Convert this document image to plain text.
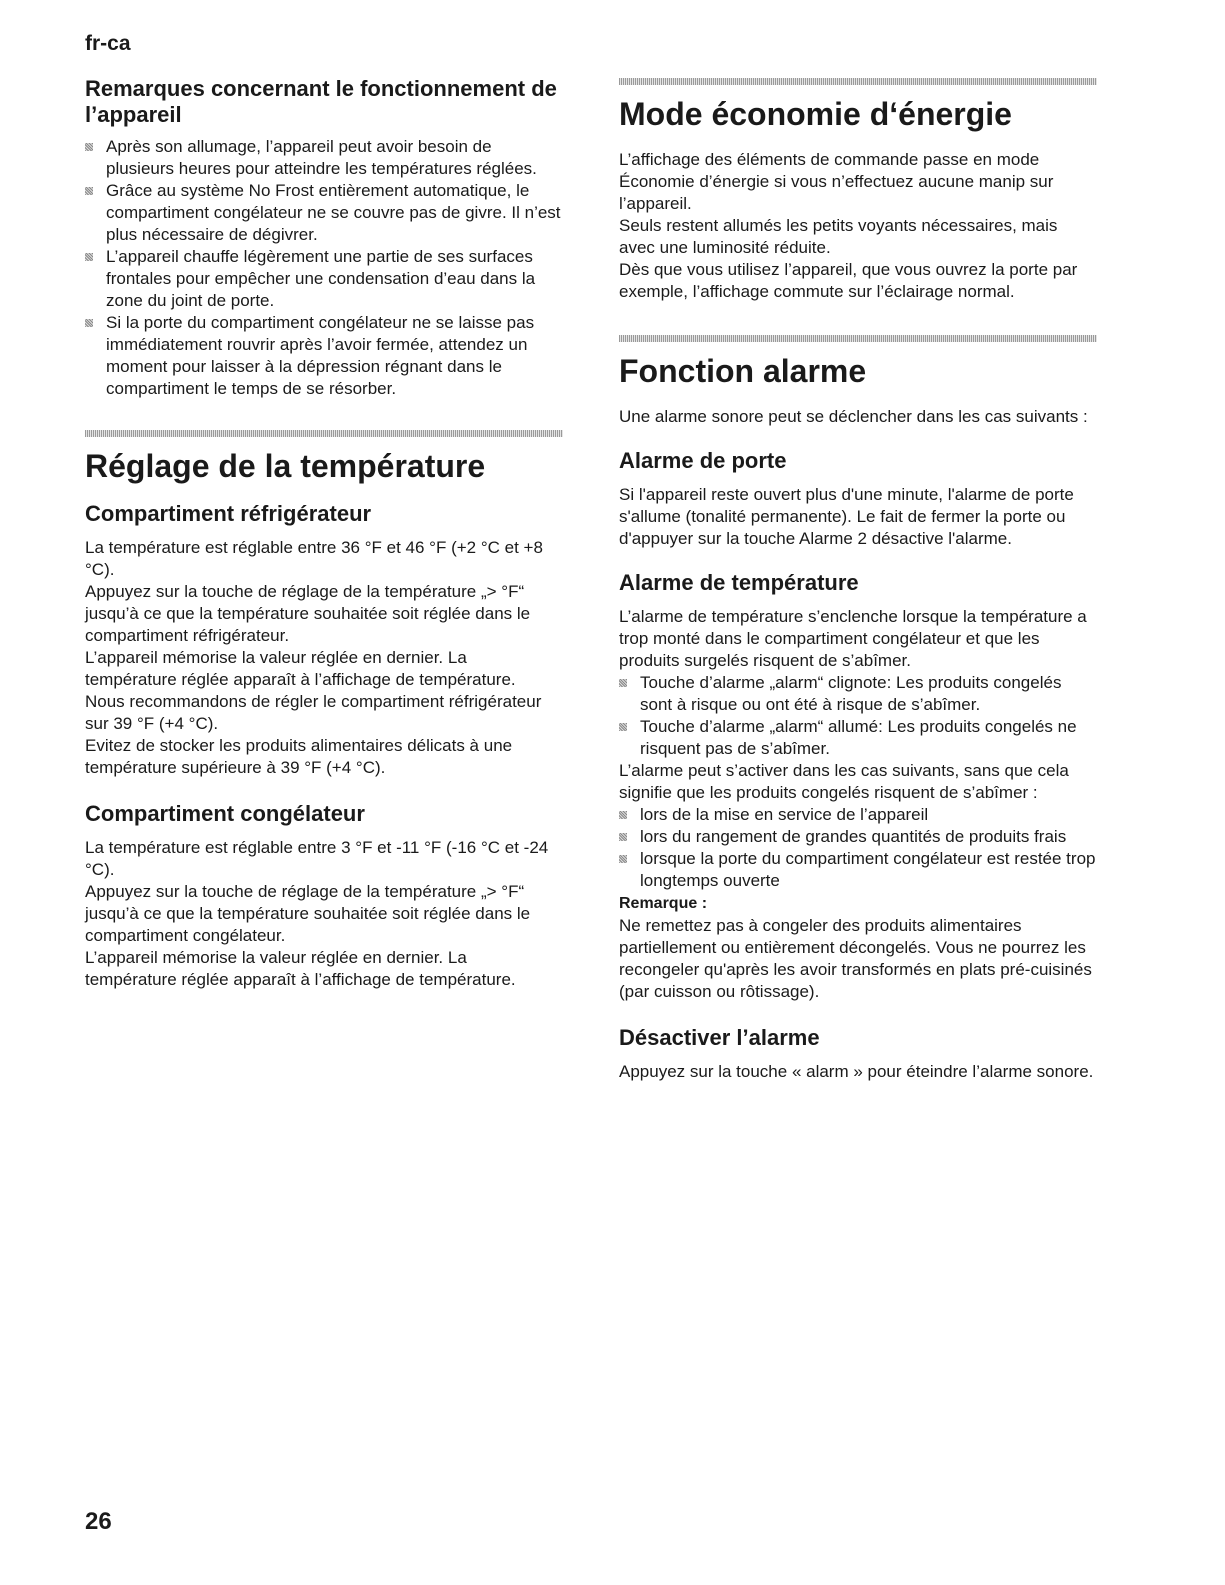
fr-ca
Remarques concernant le fonctionnement de l’appareil
Après son allumage, l’appareil peut avoir besoin de plusieurs heures pour atteindre les températures réglées.
Grâce au système No Frost entièrement automatique, le compartiment congélateur ne se couvre pas de givre. Il n’est plus nécessaire de dégivrer.
L’appareil chauffe légèrement une partie de ses surfaces frontales pour empêcher une condensation d’eau dans la zone du joint de porte.
Si la porte du compartiment congélateur ne se laisse pas immédiatement rouvrir après l’avoir fermée, attendez un moment pour laisser à la dépression régnant dans le compartiment le temps de se résorber.
Réglage de la température
Compartiment réfrigérateur

La température est réglable entre 36 °F et 46 °F (+2 °C et +8 °C).

Appuyez sur la touche de réglage de la température „> °F“ jusqu’à ce que la température souhaitée soit réglée dans le compartiment réfrigérateur.

L’appareil mémorise la valeur réglée en dernier. La température réglée apparaît à l’affichage de température.

Nous recommandons de régler le compartiment réfrigérateur sur 39 °F (+4 °C).

Evitez de stocker les produits alimentaires délicats à une température supérieure à 39 °F (+4 °C).

Compartiment congélateur

La température est réglable entre 3 °F et -11 °F (-16 °C et -24 °C).

Appuyez sur la touche de réglage de la température „> °F“ jusqu’à ce que la température souhaitée soit réglée dans le compartiment congélateur.

L’appareil mémorise la valeur réglée en dernier. La température réglée apparaît à l’affichage de température.

Mode économie d‘énergie

L’affichage des éléments de commande passe en mode Économie d’énergie si vous n’effectuez aucune manip sur l’appareil.

Seuls restent allumés les petits voyants nécessaires, mais avec une luminosité réduite.

Dès que vous utilisez l’appareil, que vous ouvrez la porte par exemple, l’affichage commute sur l’éclairage normal.

Fonction alarme

Une alarme sonore peut se déclencher dans les cas suivants :

Alarme de porte

Si l'appareil reste ouvert plus d'une minute, l'alarme de porte s'allume (tonalité permanente). Le fait de fermer la porte ou d'appuyer sur la touche Alarme 2 désactive l'alarme.

Alarme de température

L’alarme de température s’enclenche lorsque la température a trop monté dans le compartiment congélateur et que les produits surgelés risquent de s’abîmer.

Touche d’alarme „alarm“ clignote: Les produits congelés sont à risque ou ont été à risque de s’abîmer.
Touche d’alarme „alarm“ allumé: Les produits congelés ne risquent pas de s’abîmer.

L’alarme peut s’activer dans les cas suivants, sans que cela signifie que les produits congelés risquent de s’abîmer :

lors de la mise en service de l’appareil
lors du rangement de grandes quantités de produits frais
lorsque la porte du compartiment congélateur est restée trop longtemps ouverte
Remarque :

Ne remettez pas à congeler des produits alimentaires partiellement ou entièrement décongelés. Vous ne pourrez les recongeler qu'après les avoir transformés en plats pré-cuisinés (par cuisson ou rôtissage).

Désactiver l’alarme

Appuyez sur la touche « alarm » pour éteindre l’alarme sonore.

26
